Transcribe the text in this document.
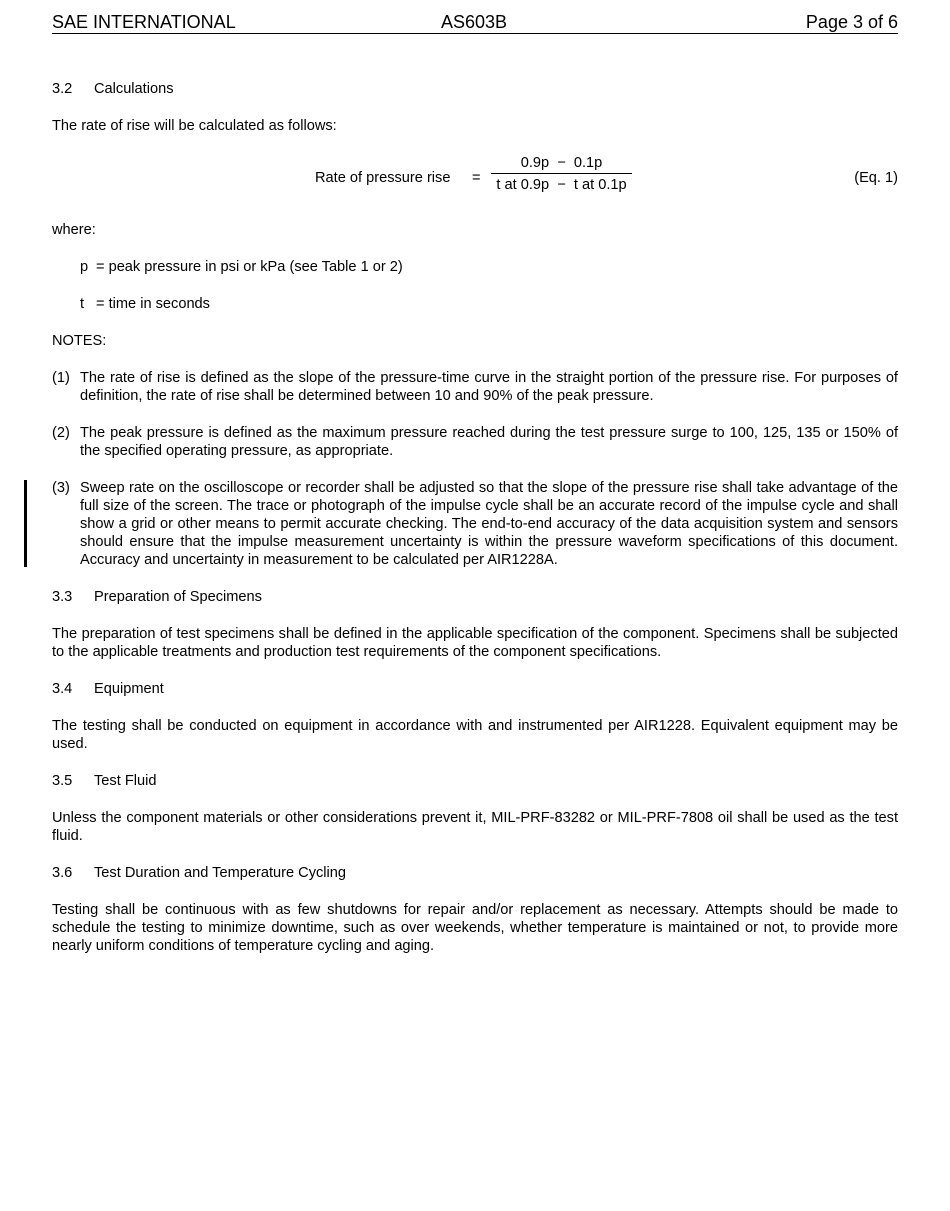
SAE INTERNATIONAL	AS603B	Page 3 of 6
3.2 Calculations

The rate of rise will be calculated as follows:

Rate of pressure rise = $\frac{0.9p - 0.1p}{\text{t at 0.9p  −  t at 0.1p}}$	(Eq. 1)

where:

p = peak pressure in psi or kPa (see Table 1 or 2)
t = time in seconds

NOTES:

(1) The rate of rise is defined as the slope of the pressure-time curve in the straight portion of the pressure rise. For purposes of definition, the rate of rise shall be determined between 10 and 90% of the peak pressure.
(2) The peak pressure is defined as the maximum pressure reached during the test pressure surge to 100, 125, 135 or 150% of the specified operating pressure, as appropriate.
(3) Sweep rate on the oscilloscope or recorder shall be adjusted so that the slope of the pressure rise shall take advantage of the full size of the screen. The trace or photograph of the impulse cycle shall be an accurate record of the impulse cycle and shall show a grid or other means to permit accurate checking. The end-to-end accuracy of the data acquisition system and sensors should ensure that the impulse measurement uncertainty is within the pressure waveform specifications of this document. Accuracy and uncertainty in measurement to be calculated per AIR1228A.
3.3 Preparation of Specimens

The preparation of test specimens shall be defined in the applicable specification of the component. Specimens shall be subjected to the applicable treatments and production test requirements of the component specifications.

3.4 Equipment

The testing shall be conducted on equipment in accordance with and instrumented per AIR1228. Equivalent equipment may be used.

3.5 Test Fluid

Unless the component materials or other considerations prevent it, MIL-PRF-83282 or MIL-PRF-7808 oil shall be used as the test fluid.

3.6 Test Duration and Temperature Cycling

Testing shall be continuous with as few shutdowns for repair and/or replacement as necessary. Attempts should be made to schedule the testing to minimize downtime, such as over weekends, whether temperature is maintained or not, to provide more nearly uniform conditions of temperature cycling and aging.
